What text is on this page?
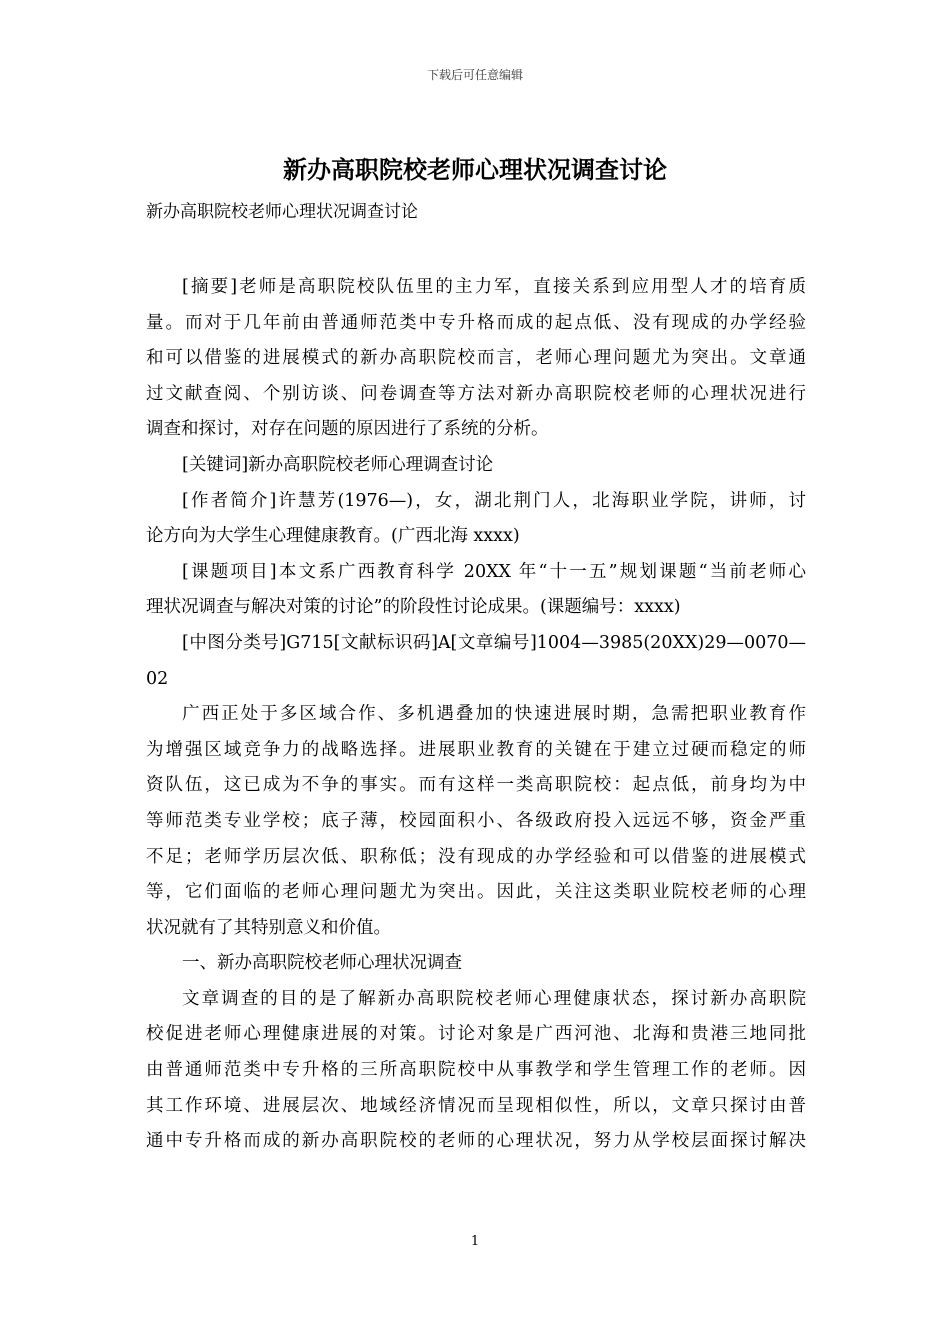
下载后可任意编辑
新办高职院校老师心理状况调查讨论
新办高职院校老师心理状况调查讨论

[摘要]老师是高职院校队伍里的主力军，直接关系到应用型人才的培育质
量。而对于几年前由普通师范类中专升格而成的起点低、没有现成的办学经验
和可以借鉴的进展模式的新办高职院校而言，老师心理问题尤为突出。文章通
过文献查阅、个别访谈、问卷调查等方法对新办高职院校老师的心理状况进行
调查和探讨，对存在问题的原因进行了系统的分析。

[关键词]新办高职院校老师心理调查讨论

[作者简介]许慧芳(1976—)，女，湖北荆门人，北海职业学院，讲师，讨
论方向为大学生心理健康教育。(广西北海 xxxx)

[课题项目]本文系广西教育科学 20XX 年“十一五”规划课题“当前老师心
理状况调查与解决对策的讨论”的阶段性讨论成果。(课题编号：xxxx)

[中图分类号]G715[文献标识码]A[文章编号]1004—3985(20XX)29—0070—
02

广西正处于多区域合作、多机遇叠加的快速进展时期，急需把职业教育作
为增强区域竞争力的战略选择。进展职业教育的关键在于建立过硬而稳定的师
资队伍，这已成为不争的事实。而有这样一类高职院校：起点低，前身均为中
等师范类专业学校；底子薄，校园面积小、各级政府投入远远不够，资金严重
不足；老师学历层次低、职称低；没有现成的办学经验和可以借鉴的进展模式
等，它们面临的老师心理问题尤为突出。因此，关注这类职业院校老师的心理
状况就有了其特别意义和价值。

一、新办高职院校老师心理状况调查

文章调查的目的是了解新办高职院校老师心理健康状态，探讨新办高职院
校促进老师心理健康进展的对策。讨论对象是广西河池、北海和贵港三地同批
由普通师范类中专升格的三所高职院校中从事教学和学生管理工作的老师。因
其工作环境、进展层次、地域经济情况而呈现相似性，所以，文章只探讨由普
通中专升格而成的新办高职院校的老师的心理状况，努力从学校层面探讨解决

1
